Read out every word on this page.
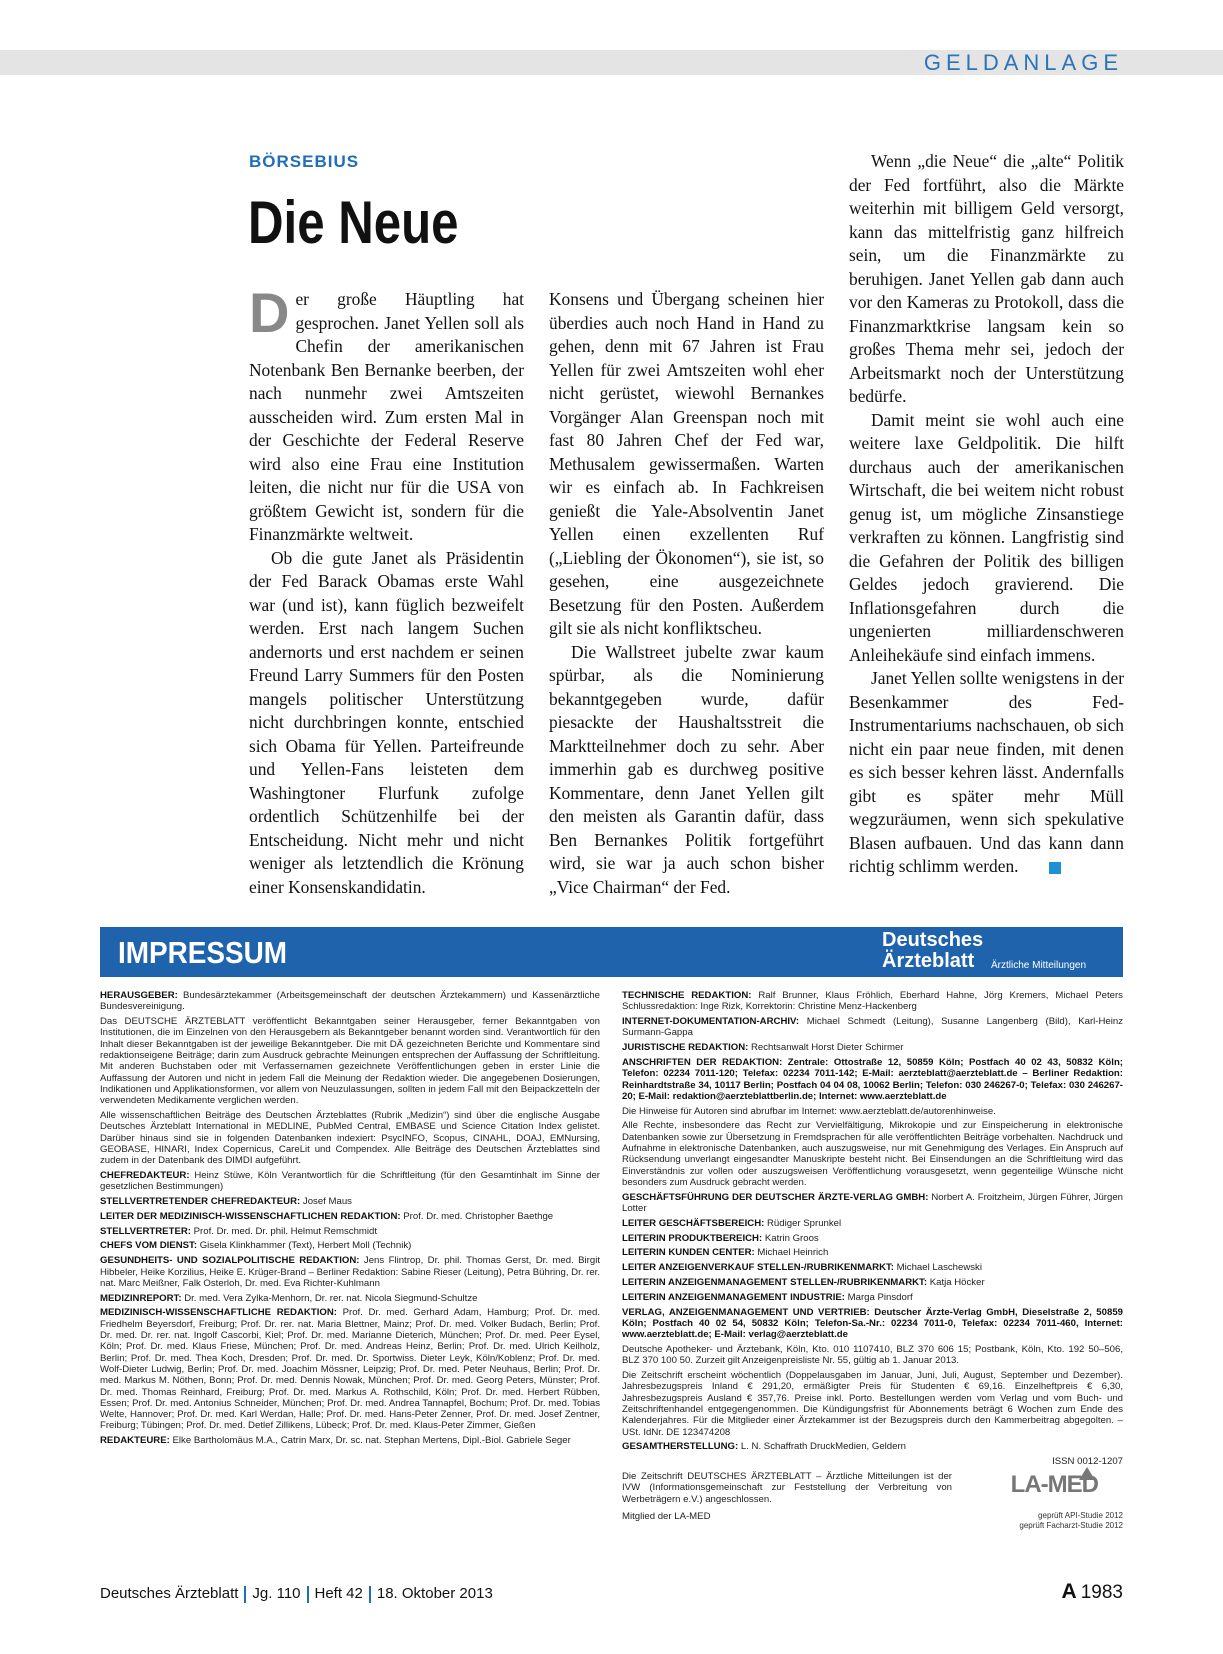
GELDANLAGE
BÖRSEBIUS
Die Neue

Der große Häuptling hat gesprochen. Janet Yellen soll als Chefin der amerikanischen Notenbank Ben Bernanke beerben, der nach nunmehr zwei Amtszeiten ausscheiden wird. Zum ersten Mal in der Geschichte der Federal Reserve wird also eine Frau eine Institution leiten, die nicht nur für die USA von größtem Gewicht ist, sondern für die Finanzmärkte weltweit.

Ob die gute Janet als Präsidentin der Fed Barack Obamas erste Wahl war (und ist), kann füglich bezweifelt werden. Erst nach langem Suchen andernorts und erst nachdem er seinen Freund Larry Summers für den Posten mangels politischer Unterstützung nicht durchbringen konnte, entschied sich Obama für Yellen. Parteifreunde und Yellen-Fans leisteten dem Washingtoner Flurfunk zufolge ordentlich Schützenhilfe bei der Entscheidung. Nicht mehr und nicht weniger als letztendlich die Krönung einer Konsenskandidatin.

Konsens und Übergang scheinen hier überdies auch noch Hand in Hand zu gehen, denn mit 67 Jahren ist Frau Yellen für zwei Amtszeiten wohl eher nicht gerüstet, wiewohl Bernankes Vorgänger Alan Greenspan noch mit fast 80 Jahren Chef der Fed war, Methusalem gewissermaßen. Warten wir es einfach ab. In Fachkreisen genießt die Yale-Absolventin Janet Yellen einen exzellenten Ruf („Liebling der Ökonomen“), sie ist, so gesehen, eine ausgezeichnete Besetzung für den Posten. Außerdem gilt sie als nicht konfliktscheu.

Die Wallstreet jubelte zwar kaum spürbar, als die Nominierung bekanntgegeben wurde, dafür piesackte der Haushaltsstreit die Marktteilnehmer doch zu sehr. Aber immerhin gab es durchweg positive Kommentare, denn Janet Yellen gilt den meisten als Garantin dafür, dass Ben Bernankes Politik fortgeführt wird, sie war ja auch schon bisher „Vice Chairman“ der Fed.

Wenn „die Neue“ die „alte“ Politik der Fed fortführt, also die Märkte weiterhin mit billigem Geld versorgt, kann das mittelfristig ganz hilfreich sein, um die Finanzmärkte zu beruhigen. Janet Yellen gab dann auch vor den Kameras zu Protokoll, dass die Finanzmarktkrise langsam kein so großes Thema mehr sei, jedoch der Arbeitsmarkt noch der Unterstützung bedürfe.

Damit meint sie wohl auch eine weitere laxe Geldpolitik. Die hilft durchaus auch der amerikanischen Wirtschaft, die bei weitem nicht robust genug ist, um mögliche Zinsanstiege verkraften zu können. Langfristig sind die Gefahren der Politik des billigen Geldes jedoch gravierend. Die Inflationsgefahren durch die ungenierten milliardenschweren Anleihekäufe sind einfach immens.

Janet Yellen sollte wenigstens in der Besenkammer des Fed-Instrumentariums nachschauen, ob sich nicht ein paar neue finden, mit denen es sich besser kehren lässt. Andernfalls gibt es später mehr Müll wegzuräumen, wenn sich spekulative Blasen aufbauen. Und das kann dann richtig schlimm werden.

IMPRESSUM	Deutsches
Ärzteblatt Ärztliche Mitteilungen

HERAUSGEBER: Bundesärztekammer (Arbeitsgemeinschaft der deutschen Ärztekammern) und Kassenärztliche Bundesvereinigung.

Das DEUTSCHE ÄRZTEBLATT veröffentlicht Bekanntgaben seiner Herausgeber, ferner Bekanntgaben von Institutionen, die im Einzelnen von den Herausgebern als Bekanntgeber benannt worden sind. Verantwortlich für den Inhalt dieser Bekanntgaben ist der jeweilige Bekanntgeber. Die mit DÄ gezeichneten Berichte und Kommentare sind redaktionseigene Beiträge; darin zum Ausdruck gebrachte Meinungen entsprechen der Auffassung der Schriftleitung. Mit anderen Buchstaben oder mit Verfassernamen gezeichnete Veröffentlichungen geben in erster Linie die Auffassung der Autoren und nicht in jedem Fall die Meinung der Redaktion wieder. Die angegebenen Dosierungen, Indikationen und Applikationsformen, vor allem von Neuzulassungen, sollten in jedem Fall mit den Beipackzetteln der verwendeten Medikamente verglichen werden.

Alle wissenschaftlichen Beiträge des Deutschen Ärzteblattes (Rubrik „Medizin“) sind über die englische Ausgabe Deutsches Ärzteblatt International in MEDLINE, PubMed Central, EMBASE und Science Citation Index gelistet. Darüber hinaus sind sie in folgenden Datenbanken indexiert: PsycINFO, Scopus, CINAHL, DOAJ, EMNursing, GEOBASE, HINARI, Index Copernicus, CareLit und Compendex. Alle Beiträge des Deutschen Ärzteblattes sind zudem in der Datenbank des DIMDI aufgeführt.

CHEFREDAKTEUR: Heinz Stüwe, Köln Verantwortlich für die Schriftleitung (für den Gesamtinhalt im Sinne der gesetzlichen Bestimmungen)

STELLVERTRETENDER CHEFREDAKTEUR: Josef Maus

LEITER DER MEDIZINISCH-WISSENSCHAFTLICHEN REDAKTION: Prof. Dr. med. Christopher Baethge

STELLVERTRETER: Prof. Dr. med. Dr. phil. Helmut Remschmidt

CHEFS VOM DIENST: Gisela Klinkhammer (Text), Herbert Moll (Technik)

GESUNDHEITS- UND SOZIALPOLITISCHE REDAKTION: Jens Flintrop, Dr. phil. Thomas Gerst, Dr. med. Birgit Hibbeler, Heike Korzilius, Heike E. Krüger-Brand – Berliner Redaktion: Sabine Rieser (Leitung), Petra Bühring, Dr. rer. nat. Marc Meißner, Falk Osterloh, Dr. med. Eva Richter-Kuhlmann

MEDIZINREPORT: Dr. med. Vera Zylka-Menhorn, Dr. rer. nat. Nicola Siegmund-Schultze

MEDIZINISCH-WISSENSCHAFTLICHE REDAKTION: Prof. Dr. med. Gerhard Adam, Hamburg; Prof. Dr. med. Friedhelm Beyersdorf, Freiburg; Prof. Dr. rer. nat. Maria Blettner, Mainz; Prof. Dr. med. Volker Budach, Berlin; Prof. Dr. med. Dr. rer. nat. Ingolf Cascorbi, Kiel; Prof. Dr. med. Marianne Dieterich, München; Prof. Dr. med. Peer Eysel, Köln; Prof. Dr. med. Klaus Friese, München; Prof. Dr. med. Andreas Heinz, Berlin; Prof. Dr. med. Ulrich Keilholz, Berlin; Prof. Dr. med. Thea Koch, Dresden; Prof. Dr. med. Dr. Sportwiss. Dieter Leyk, Köln/Koblenz; Prof. Dr. med. Wolf-Dieter Ludwig, Berlin; Prof. Dr. med. Joachim Mössner, Leipzig; Prof. Dr. med. Peter Neuhaus, Berlin; Prof. Dr. med. Markus M. Nöthen, Bonn; Prof. Dr. med. Dennis Nowak, München; Prof. Dr. med. Georg Peters, Münster; Prof. Dr. med. Thomas Reinhard, Freiburg; Prof. Dr. med. Markus A. Rothschild, Köln; Prof. Dr. med. Herbert Rübben, Essen; Prof. Dr. med. Antonius Schneider, München; Prof. Dr. med. Andrea Tannapfel, Bochum; Prof. Dr. med. Tobias Welte, Hannover; Prof. Dr. med. Karl Werdan, Halle; Prof. Dr. med. Hans-Peter Zenner, Prof. Dr. med. Josef Zentner, Freiburg; Tübingen; Prof. Dr. med. Detlef Zillikens, Lübeck; Prof. Dr. med. Klaus-Peter Zimmer, Gießen

REDAKTEURE: Elke Bartholomäus M.A., Catrin Marx, Dr. sc. nat. Stephan Mertens, Dipl.-Biol. Gabriele Seger

TECHNISCHE REDAKTION: Ralf Brunner, Klaus Fröhlich, Eberhard Hahne, Jörg Kremers, Michael Peters Schlussredaktion: Inge Rizk, Korrektorin: Christine Menz-Hackenberg

INTERNET-DOKUMENTATION-ARCHIV: Michael Schmedt (Leitung), Susanne Langenberg (Bild), Karl-Heinz Surmann-Gappa

JURISTISCHE REDAKTION: Rechtsanwalt Horst Dieter Schirmer

ANSCHRIFTEN DER REDAKTION: Zentrale: Ottostraße 12, 50859 Köln; Postfach 40 02 43, 50832 Köln; Telefon: 02234 7011-120; Telefax: 02234 7011-142; E-Mail: aerzteblatt@aerzteblatt.de – Berliner Redaktion: Reinhardtstraße 34, 10117 Berlin; Postfach 04 04 08, 10062 Berlin; Telefon: 030 246267-0; Telefax: 030 246267-20; E-Mail: redaktion@aerzteblattberlin.de; Internet: www.aerzteblatt.de

Die Hinweise für Autoren sind abrufbar im Internet: www.aerzteblatt.de/autorenhinweise.

Alle Rechte, insbesondere das Recht zur Vervielfältigung, Mikrokopie und zur Einspeicherung in elektronische Datenbanken sowie zur Übersetzung in Fremdsprachen für alle veröffentlichten Beiträge vorbehalten. Nachdruck und Aufnahme in elektronische Datenbanken, auch auszugsweise, nur mit Genehmigung des Verlages. Ein Anspruch auf Rücksendung unverlangt eingesandter Manuskripte besteht nicht. Bei Einsendungen an die Schriftleitung wird das Einverständnis zur vollen oder auszugsweisen Veröffentlichung vorausgesetzt, wenn gegenteilige Wünsche nicht besonders zum Ausdruck gebracht werden.

GESCHÄFTSFÜHRUNG DER DEUTSCHER ÄRZTE-VERLAG GMBH: Norbert A. Froitzheim, Jürgen Führer, Jürgen Lotter

LEITER GESCHÄFTSBEREICH: Rüdiger Sprunkel

LEITERIN PRODUKTBEREICH: Katrin Groos

LEITERIN KUNDEN CENTER: Michael Heinrich

LEITER ANZEIGENVERKAUF STELLEN-/RUBRIKENMARKT: Michael Laschewski

LEITERIN ANZEIGENMANAGEMENT STELLEN-/RUBRIKENMARKT: Katja Höcker

LEITERIN ANZEIGENMANAGEMENT INDUSTRIE: Marga Pinsdorf

VERLAG, ANZEIGENMANAGEMENT UND VERTRIEB: Deutscher Ärzte-Verlag GmbH, Dieselstraße 2, 50859 Köln; Postfach 40 02 54, 50832 Köln; Telefon-Sa.-Nr.: 02234 7011-0, Telefax: 02234 7011-460, Internet: www.aerzteblatt.de; E-Mail: verlag@aerzteblatt.de

Deutsche Apotheker- und Ärztebank, Köln, Kto. 010 1107410, BLZ 370 606 15; Postbank, Köln, Kto. 192 50–506, BLZ 370 100 50. Zurzeit gilt Anzeigenpreisliste Nr. 55, gültig ab 1. Januar 2013.

Die Zeitschrift erscheint wöchentlich (Doppelausgaben im Januar, Juni, Juli, August, September und Dezember). Jahresbezugspreis Inland € 291,20, ermäßigter Preis für Studenten € 69,16. Einzelheftpreis € 6,30, Jahresbezugspreis Ausland € 357,76. Preise inkl. Porto. Bestellungen werden vom Verlag und vom Buch- und Zeitschriftenhandel entgegengenommen. Die Kündigungsfrist für Abonnements beträgt 6 Wochen zum Ende des Kalenderjahres. Für die Mitglieder einer Ärztekammer ist der Bezugspreis durch den Kammerbeitrag abgegolten. – USt. IdNr. DE 123474208

GESAMTHERSTELLUNG: L. N. Schaffrath DruckMedien, Geldern

ISSN 0012-1207

Die Zeitschrift DEUTSCHES ÄRZTEBLATT – Ärztliche Mitteilungen ist der IVW (Informationsgemeinschaft zur Feststellung der Verbreitung von Werbeträgern e.V.) angeschlossen.
Mitglied der LA-MED
LA-MED
geprüft API-Studie 2012
geprüft Facharzt-Studie 2012
Deutsches Ärzteblatt Jg. 110 Heft 42 18. Oktober 2013	A 1983
